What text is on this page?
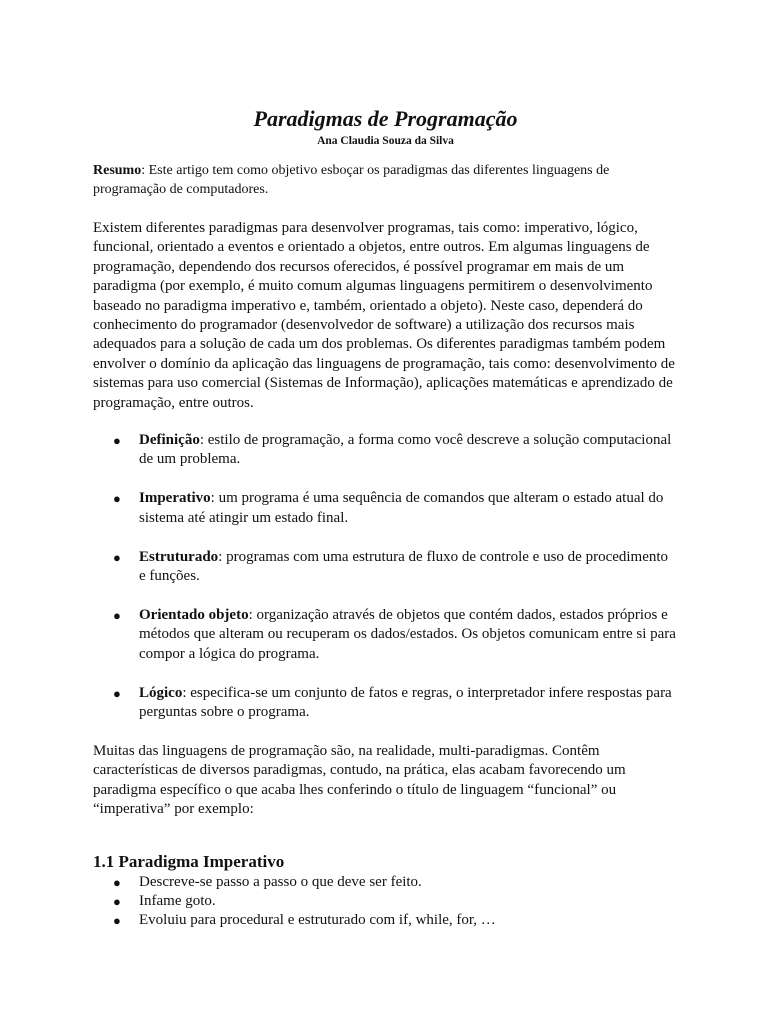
Paradigmas de Programação

Ana Claudia Souza da Silva

Resumo: Este artigo tem como objetivo esboçar os paradigmas das diferentes linguagens de programação de computadores.

Existem diferentes paradigmas para desenvolver programas, tais como: imperativo, lógico, funcional, orientado a eventos e orientado a objetos, entre outros. Em algumas linguagens de programação, dependendo dos recursos oferecidos, é possível programar em mais de um paradigma (por exemplo, é muito comum algumas linguagens permitirem o desenvolvimento baseado no paradigma imperativo e, também, orientado a objeto). Neste caso, dependerá do conhecimento do programador (desenvolvedor de software) a utilização dos recursos mais adequados para a solução de cada um dos problemas. Os diferentes paradigmas também podem envolver o domínio da aplicação das linguagens de programação, tais como: desenvolvimento de sistemas para uso comercial (Sistemas de Informação), aplicações matemáticas e aprendizado de programação, entre outros.

● Definição: estilo de programação, a forma como você descreve a solução computacional de um problema.
● Imperativo: um programa é uma sequência de comandos que alteram o estado atual do sistema até atingir um estado final.
● Estruturado: programas com uma estrutura de fluxo de controle e uso de procedimento e funções.
● Orientado objeto: organização através de objetos que contém dados, estados próprios e métodos que alteram ou recuperam os dados/estados. Os objetos comunicam entre si para compor a lógica do programa.
● Lógico: especifica-se um conjunto de fatos e regras, o interpretador infere respostas para perguntas sobre o programa.

Muitas das linguagens de programação são, na realidade, multi-paradigmas. Contêm características de diversos paradigmas, contudo, na prática, elas acabam favorecendo um paradigma específico o que acaba lhes conferindo o título de linguagem “funcional” ou “imperativa” por exemplo:

1.1 Paradigma Imperativo
● Descreve-se passo a passo o que deve ser feito.
● Infame goto.
● Evoluiu para procedural e estruturado com if, while, for, …
